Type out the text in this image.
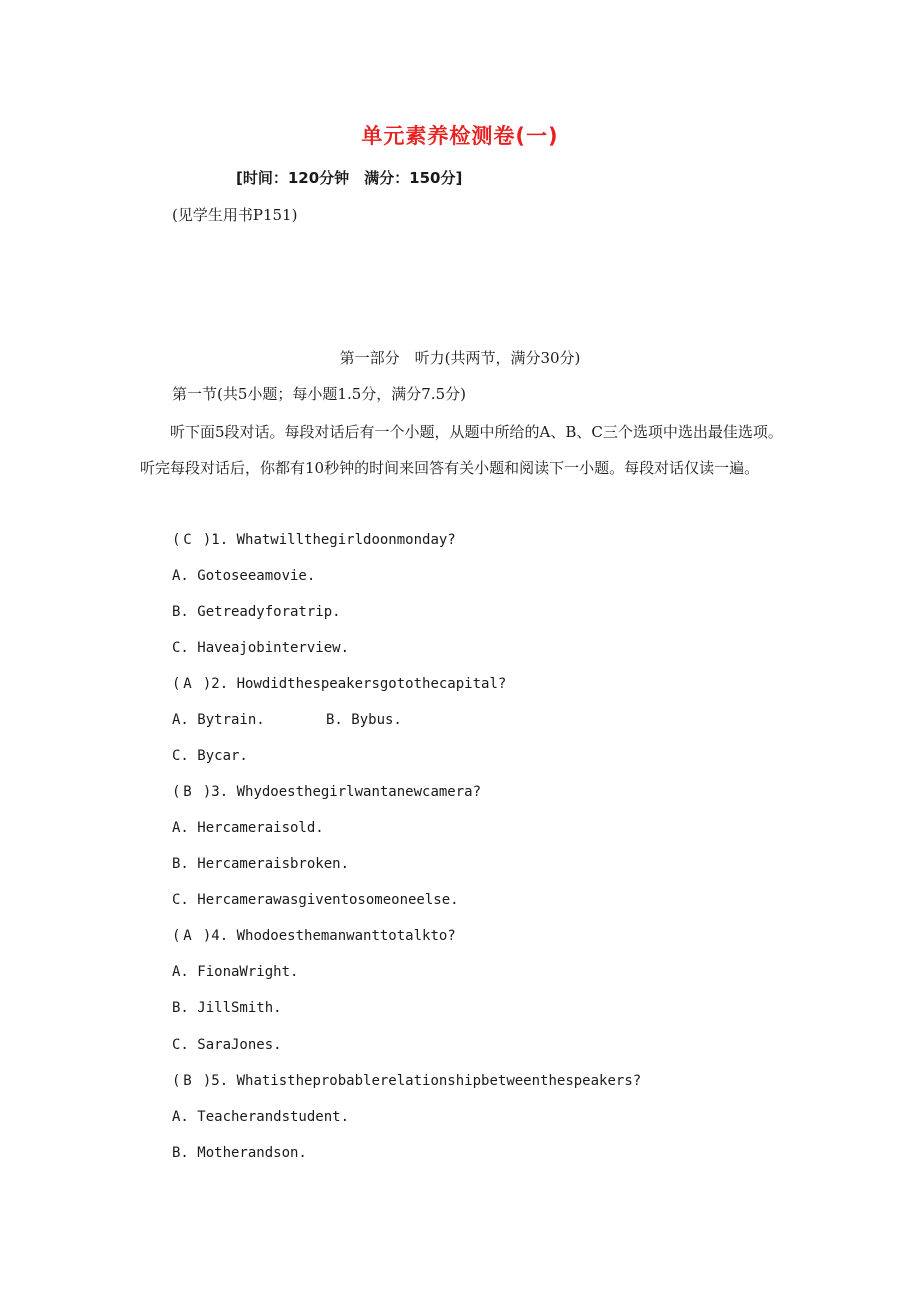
单元素养检测卷(一)
[时间：120分钟　满分：150分]
(见学生用书P151)
第一部分　听力(共两节，满分30分)
第一节(共5小题；每小题1.5分，满分7.5分)
听下面5段对话。每段对话后有一个小题，从题中所给的A、B、C三个选项中选出最佳选项。听完每段对话后，你都有10秒钟的时间来回答有关小题和阅读下一小题。每段对话仅读一遍。
( C )1. Whatwillthegirldoonmonday?
A. Gotoseeamovie.
B. Getreadyforatrip.
C. Haveajobinterview.
( A )2. Howdidthespeakersgotothecapital?
A. Bytrain.	B. Bybus.
C. Bycar.
( B )3. Whydoesthegirlwantanewcamera?
A. Hercameraisold.
B. Hercameraisbroken.
C. Hercamerawasgiventosomeoneelse.
( A )4. Whodoesthemanwanttotalkto?
A. FionaWright.
B. JillSmith.
C. SaraJones.
( B )5. Whatistheprobablerelationshipbetweenthespeakers?
A. Teacherandstudent.
B. Motherandson.
